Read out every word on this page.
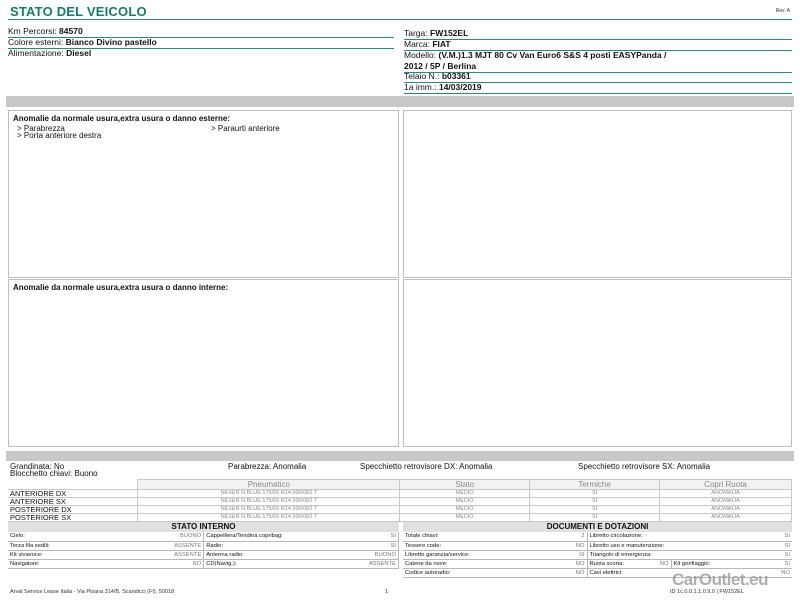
STATO DEL VEICOLO	Rev. A
Km Percorsi: 84570
Colore esterni: Bianco Divino pastello
Alimentazione: Diesel
Targa: FW152EL
Marca: FIAT
Modello: (V.M.)1.3 MJT 80 Cv Van Euro6 S&S 4 posti EASYPanda /
2012 / 5P / Berlina
Telaio N.: b03361
1a imm.: 14/03/2019
Anomalie da normale usura,extra usura o danno esterne:
> Parabrezza	> Paraurti anteriore
> Porta anteriore destra
Anomalie da normale usura,extra usura o danno interne:
Grandinata: No	Parabrezza: Anomalia	Specchietto retrovisore DX: Anomalia	Specchietto retrovisore SX: Anomalia
Blocchetto chiavi: Buono
	Pneumatico	Stato	Termiche	Copri Ruota
ANTERIORE DX	NEXEN N BLUE 175/65 R14 000/082 T	MEDIO	SI	ANOMALIA
ANTERIORE SX	NEXEN N BLUE 175/65 R14 000/082 T	MEDIO	SI	ANOMALIA
POSTERIORE DX	NEXEN N BLUE 175/65 R14 000/082 T	MEDIO	SI	ANOMALIA
POSTERIORE SX	NEXEN N BLUE 175/65 R14 000/082 T	MEDIO	SI	ANOMALIA
STATO INTERNO
Cielo:	BUONO	Cappelliera/Tendina copribag:	SI
Terza fila sedili:	ASSENTE	Radio:	SI
Kit vivavoce:	ASSENTE	Antenna radio:	BUONO
Navigatore:	NO	CD(Navig.):	ASSENTE
DOCUMENTI E DOTAZIONI
Totale chiavi:	2	Libretto circolazione:		SI
Tessere code:	NO	Libretto uso e manutenzione:		SI
Libretto garanzia/service:	SI	Triangolo di emergenza:		SI
Catene da neve:	NO	Ruota scorta:	NO	Kit gonfiaggio: SI

Codice autoradio:	NO	Cavi elettrici:		NO
Arval Service Lease Italia - Via Pisana 314/B, Scandicci (FI), 50018	1	ID 1c.0.0.1.1.0.9.0 | FW152EL
CarOutlet.eu
